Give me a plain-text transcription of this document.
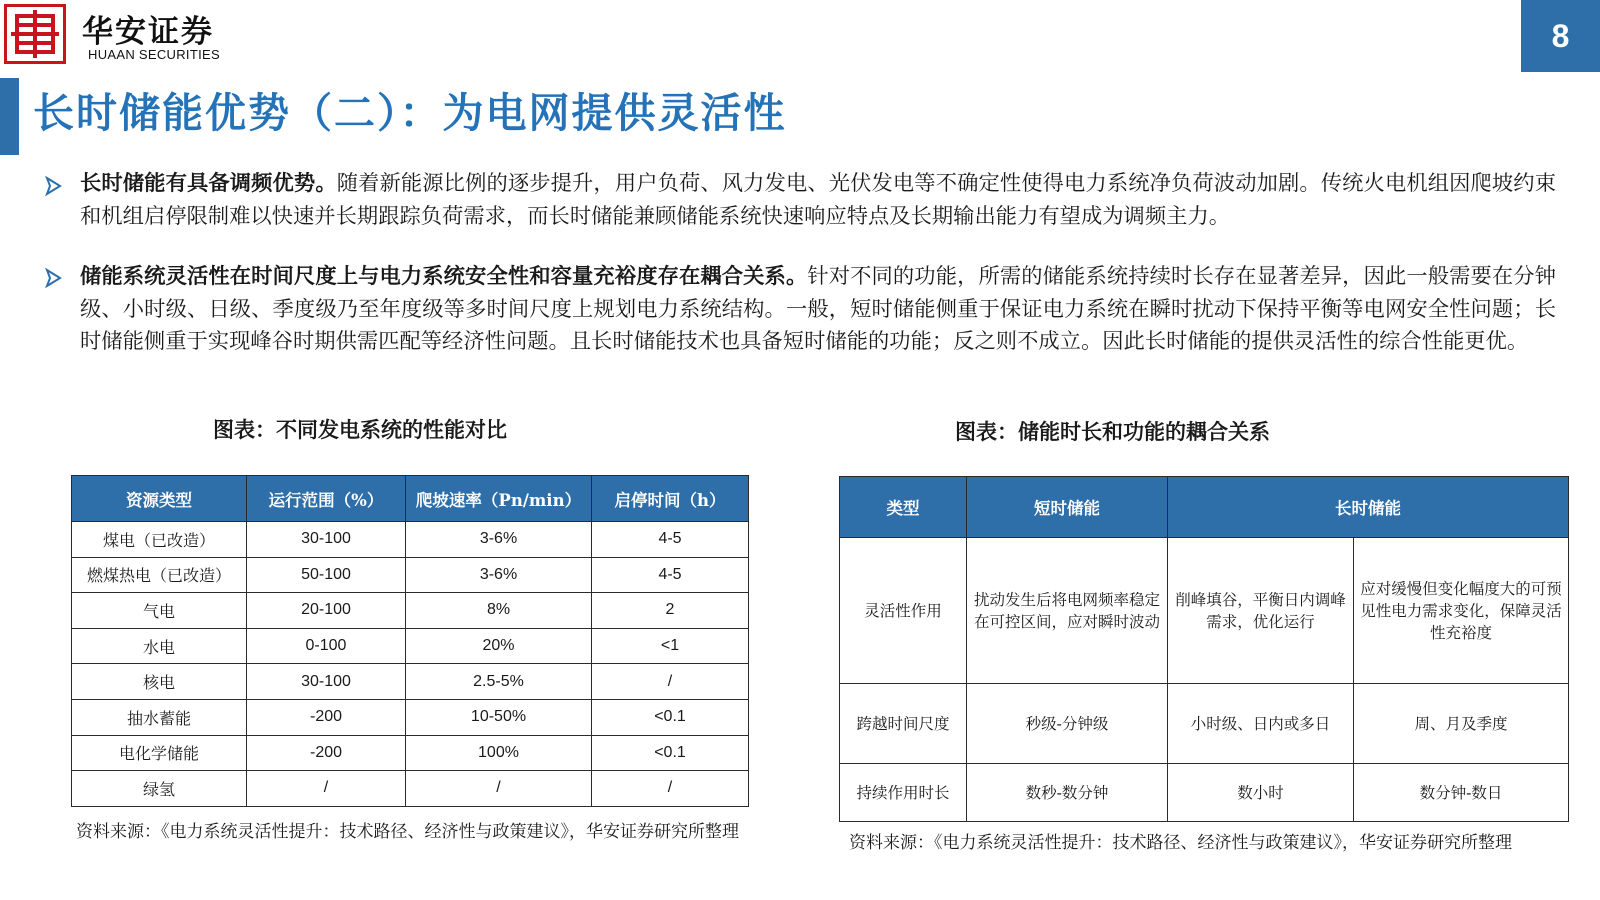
华安证券
HUAAN SECURITIES
8
长时储能优势（二）：为电网提供灵活性
长时储能有具备调频优势。随着新能源比例的逐步提升，用户负荷、风力发电、光伏发电等不确定性使得电力系统净负荷波动加剧。传统火电机组因爬坡约束和机组启停限制难以快速并长期跟踪负荷需求，而长时储能兼顾储能系统快速响应特点及长期输出能力有望成为调频主力。
储能系统灵活性在时间尺度上与电力系统安全性和容量充裕度存在耦合关系。针对不同的功能，所需的储能系统持续时长存在显著差异，因此一般需要在分钟级、小时级、日级、季度级乃至年度级等多时间尺度上规划电力系统结构。一般，短时储能侧重于保证电力系统在瞬时扰动下保持平衡等电网安全性问题；长时储能侧重于实现峰谷时期供需匹配等经济性问题。且长时储能技术也具备短时储能的功能；反之则不成立。因此长时储能的提供灵活性的综合性能更优。
图表：不同发电系统的性能对比
资源类型	运行范围（%）	爬坡速率（Pn/min）	启停时间（h）
煤电（已改造）	30-100	3-6%	4-5
燃煤热电（已改造）	50-100	3-6%	4-5
气电	20-100	8%	2
水电	0-100	20%	<1
核电	30-100	2.5-5%	/
抽水蓄能	-200	10-50%	<0.1
电化学储能	-200	100%	<0.1
绿氢	/	/	/
资料来源：《电力系统灵活性提升：技术路径、经济性与政策建议》，华安证券研究所整理
图表：储能时长和功能的耦合关系
类型	短时储能	长时储能	
灵活性作用	扰动发生后将电网频率稳定在可控区间，应对瞬时波动	削峰填谷，平衡日内调峰需求，优化运行	应对缓慢但变化幅度大的可预见性电力需求变化，保障灵活性充裕度
跨越时间尺度	秒级-分钟级	小时级、日内或多日	周、月及季度
持续作用时长	数秒-数分钟	数小时	数分钟-数日
资料来源：《电力系统灵活性提升：技术路径、经济性与政策建议》，华安证券研究所整理
